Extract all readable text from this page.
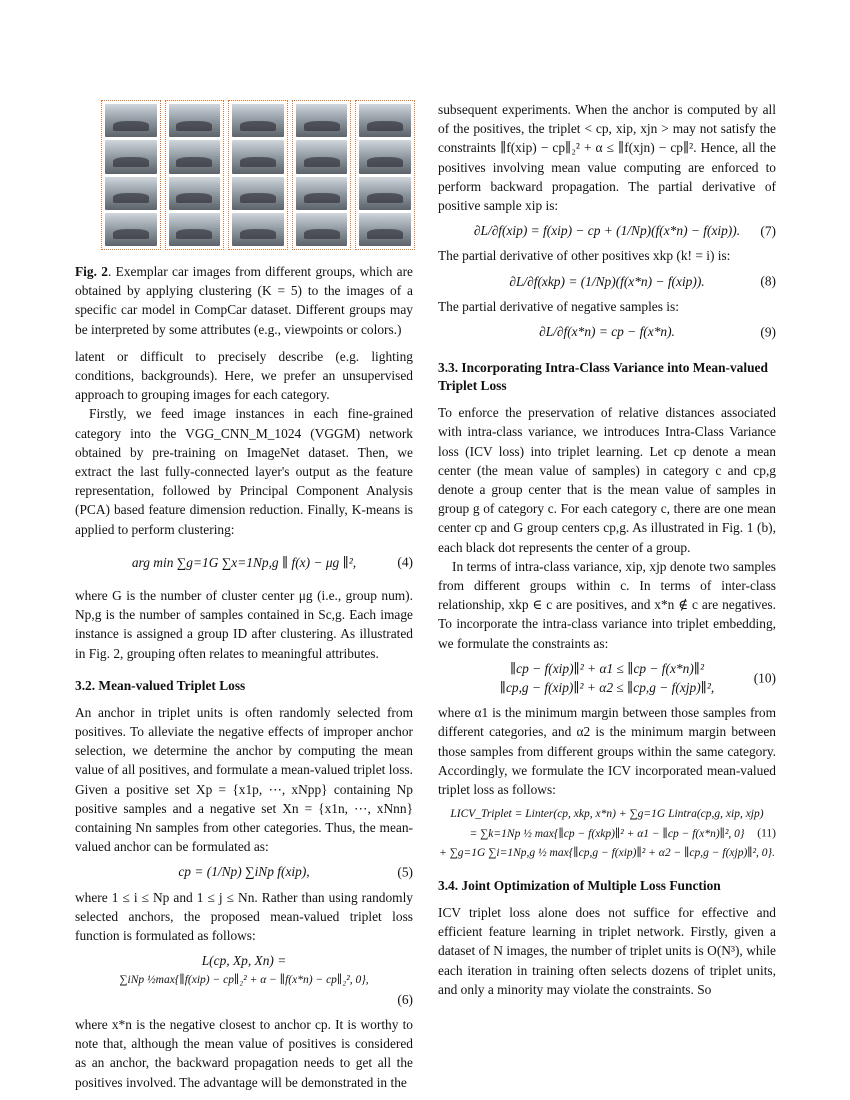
Fig. 2. Exemplar car images from different groups, which are obtained by applying clustering (K = 5) to the images of a specific car model in CompCar dataset. Different groups may be interpreted by some attributes (e.g., viewpoints or colors.)

latent or difficult to precisely describe (e.g. lighting conditions, backgrounds). Here, we prefer an unsupervised approach to grouping images for each category.

Firstly, we feed image instances in each fine-grained category into the VGG_CNN_M_1024 (VGGM) network obtained by pre-training on ImageNet dataset. Then, we extract the last fully-connected layer's output as the feature representation, followed by Principal Component Analysis (PCA) based feature dimension reduction. Finally, K-means is applied to perform clustering:

arg min ∑g=1G ∑x=1Np,g ∥ f(x) − μg ∥²,	(4)

where G is the number of cluster center μg (i.e., group num). Np,g is the number of samples contained in Sc,g. Each image instance is assigned a group ID after clustering. As illustrated in Fig. 2, grouping often relates to meaningful attributes.

3.2. Mean-valued Triplet Loss

An anchor in triplet units is often randomly selected from positives. To alleviate the negative effects of improper anchor selection, we determine the anchor by computing the mean value of all positives, and formulate a mean-valued triplet loss. Given a positive set Xp = {x1p, ⋯, xNpp} containing Np positive samples and a negative set Xn = {x1n, ⋯, xNnn} containing Nn samples from other categories. Thus, the mean-valued anchor can be formulated as:

cp = (1/Np) ∑iNp f(xip),	(5)

where 1 ≤ i ≤ Np and 1 ≤ j ≤ Nn. Rather than using randomly selected anchors, the proposed mean-valued triplet loss function is formulated as follows:

L(cp, Xp, Xn) =
∑iNp ½max{∥f(xip) − cp∥₂² + α − ∥f(x*n) − cp∥₂², 0},
(6)

where x*n is the negative closest to anchor cp. It is worthy to note that, although the mean value of positives is considered as an anchor, the backward propagation needs to get all the positives involved. The advantage will be demonstrated in the

subsequent experiments. When the anchor is computed by all of the positives, the triplet < cp, xip, xjn > may not satisfy the constraints ∥f(xip) − cp∥₂² + α ≤ ∥f(xjn) − cp∥². Hence, all the positives involving mean value computing are enforced to perform backward propagation. The partial derivative of positive sample xip is:

∂L/∂f(xip) = f(xip) − cp + (1/Np)(f(x*n) − f(xip)). (7)

The partial derivative of other positives xkp (k! = i) is:

∂L/∂f(xkp) = (1/Np)(f(x*n) − f(xip)).	(8)

The partial derivative of negative samples is:

∂L/∂f(x*n) = cp − f(x*n).	(9)
3.3. Incorporating Intra-Class Variance into Mean-valued Triplet Loss

To enforce the preservation of relative distances associated with intra-class variance, we introduces Intra-Class Variance loss (ICV loss) into triplet learning. Let cp denote a mean center (the mean value of samples) in category c and cp,g denote a group center that is the mean value of samples in group g of category c. For each category c, there are one mean center cp and G group centers cp,g. As illustrated in Fig. 1 (b), each black dot represents the center of a group.

In terms of intra-class variance, xip, xjp denote two samples from different groups within c. In terms of inter-class relationship, xkp ∈ c are positives, and x*n ∉ c are negatives. To incorporate the intra-class variance into triplet embedding, we formulate the constraints as:

∥cp − f(xip)∥² + α1 ≤ ∥cp − f(x*n)∥²
∥cp,g − f(xip)∥² + α2 ≤ ∥cp,g − f(xjp)∥²,
(10)

where α1 is the minimum margin between those samples from different categories, and α2 is the minimum margin between those samples from different groups within the same category. Accordingly, we formulate the ICV incorporated mean-valued triplet loss as follows:

LICV_Triplet = Linter(cp, xkp, x*n) + ∑g=1G Lintra(cp,g, xip, xjp)
= ∑k=1Np ½ max{∥cp − f(xkp)∥² + α1 − ∥cp − f(x*n)∥², 0}
+ ∑g=1G ∑i=1Np,g ½ max{∥cp,g − f(xip)∥² + α2 − ∥cp,g − f(xjp)∥², 0}.
(11)
3.4. Joint Optimization of Multiple Loss Function

ICV triplet loss alone does not suffice for effective and efficient feature learning in triplet network. Firstly, given a dataset of N images, the number of triplet units is O(N³), while each iteration in training often selects dozens of triplet units, and only a minority may violate the constraints. So
